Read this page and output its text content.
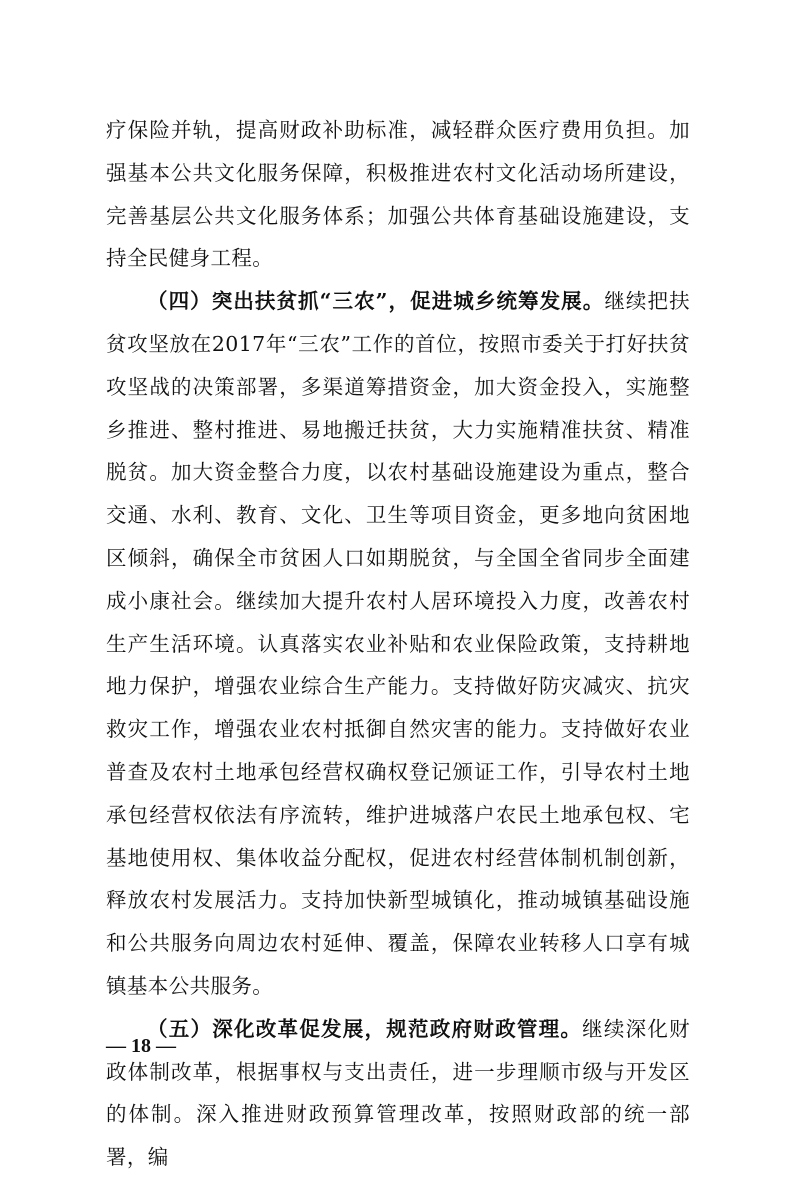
疗保险并轨，提高财政补助标准，减轻群众医疗费用负担。加强基本公共文化服务保障，积极推进农村文化活动场所建设，完善基层公共文化服务体系；加强公共体育基础设施建设，支持全民健身工程。

（四）突出扶贫抓“三农”，促进城乡统筹发展。继续把扶贫攻坚放在2017年“三农”工作的首位，按照市委关于打好扶贫攻坚战的决策部署，多渠道筹措资金，加大资金投入，实施整乡推进、整村推进、易地搬迁扶贫，大力实施精准扶贫、精准脱贫。加大资金整合力度，以农村基础设施建设为重点，整合交通、水利、教育、文化、卫生等项目资金，更多地向贫困地区倾斜，确保全市贫困人口如期脱贫，与全国全省同步全面建成小康社会。继续加大提升农村人居环境投入力度，改善农村生产生活环境。认真落实农业补贴和农业保险政策，支持耕地地力保护，增强农业综合生产能力。支持做好防灾减灾、抗灾救灾工作，增强农业农村抵御自然灾害的能力。支持做好农业普查及农村土地承包经营权确权登记颁证工作，引导农村土地承包经营权依法有序流转，维护进城落户农民土地承包权、宅基地使用权、集体收益分配权，促进农村经营体制机制创新，释放农村发展活力。支持加快新型城镇化，推动城镇基础设施和公共服务向周边农村延伸、覆盖，保障农业转移人口享有城镇基本公共服务。

（五）深化改革促发展，规范政府财政管理。继续深化财政体制改革，根据事权与支出责任，进一步理顺市级与开发区的体制。深入推进财政预算管理改革，按照财政部的统一部署，编

— 18 —
